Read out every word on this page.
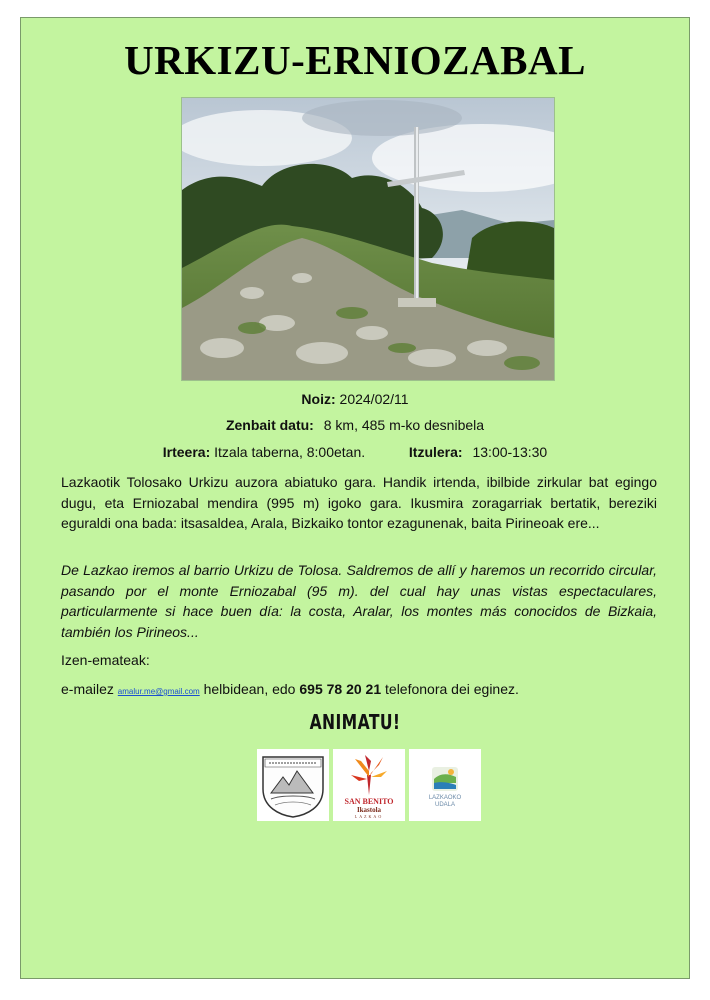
URKIZU-ERNIOZABAL
Noiz: 2024/02/11
Zenbait datu: 8 km, 485 m-ko desnibela
Irteera: Itzala taberna, 8:00etan.	Itzulera: 13:00-13:30

Lazkaotik Tolosako Urkizu auzora abiatuko gara. Handik irtenda, ibilbide zirkular bat egingo dugu, eta Erniozabal mendira (995 m) igoko gara. Ikusmira zoragarriak bertatik, bereziki eguraldi ona bada: itsasaldea, Arala, Bizkaiko tontor ezagunenak, baita Pirineoak ere...

De Lazkao iremos al barrio Urkizu de Tolosa. Saldremos de allí y haremos un recorrido circular, pasando por el monte Erniozabal (95 m). del cual hay unas vistas espectaculares, particularmente si hace buen día: la costa, Aralar, los montes más conocidos de Bizkaia, también los Pirineos...

Izen-emateak:

e-mailez amalur.me@gmail.com helbidean, edo 695 78 20 21 telefonora dei eginez.

ANIMATU!
SAN BENITO
Ikastola
LAZKAO
LAZKAOKO
UDALA
